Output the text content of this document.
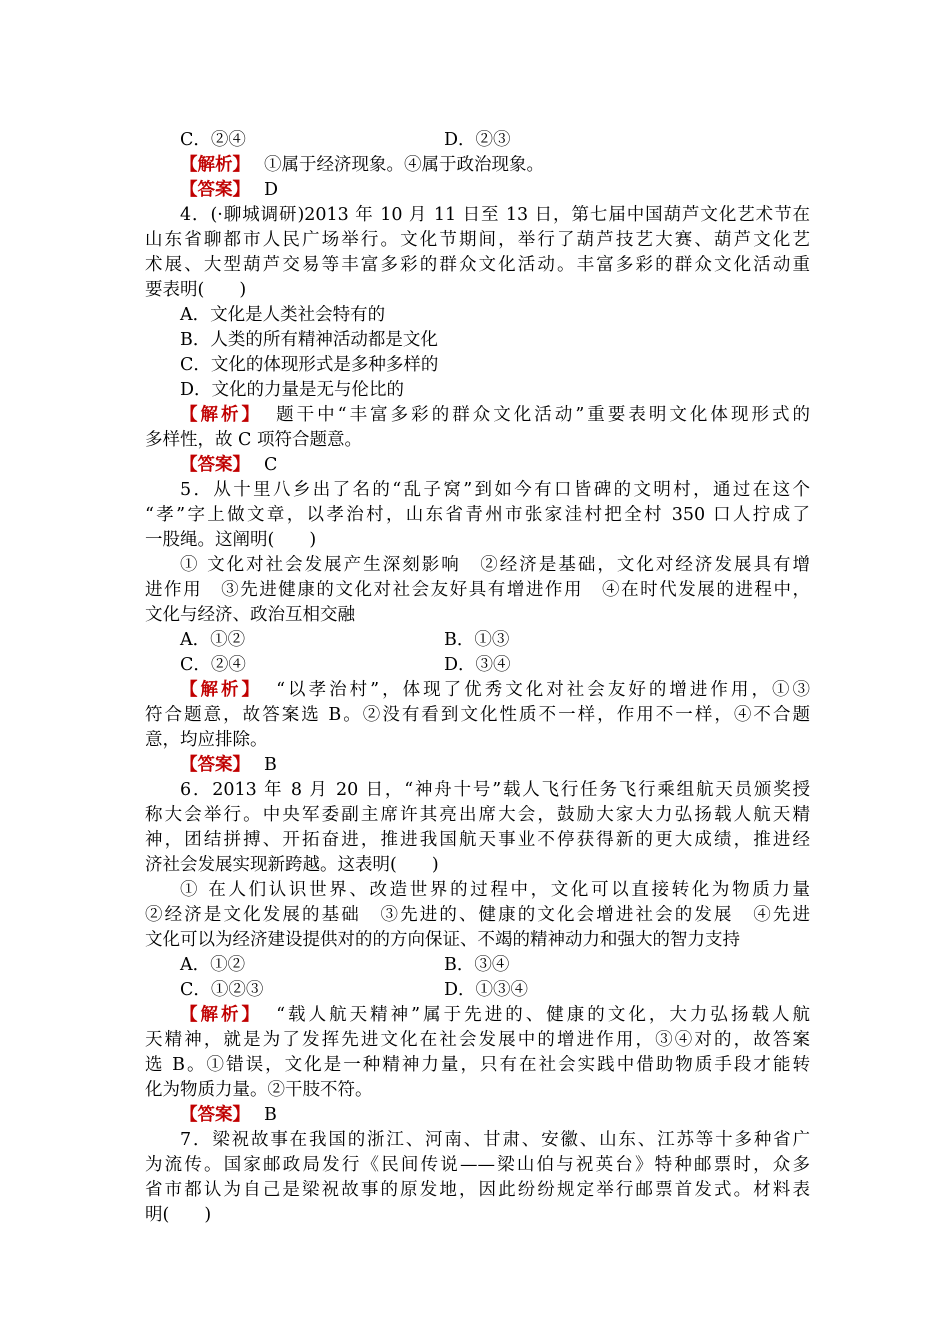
C．②④	D．②③
【解析】 ①属于经济现象。④属于政治现象。
【答案】 D
4．(·聊城调研)2013 年 10 月 11 日至 13 日，第七届中国葫芦文化艺术节在
山东省聊都市人民广场举行。文化节期间，举行了葫芦技艺大赛、葫芦文化艺
术展、大型葫芦交易等丰富多彩的群众文化活动。丰富多彩的群众文化活动重
要表明(　　)
A．文化是人类社会特有的
B．人类的所有精神活动都是文化
C．文化的体现形式是多种多样的
D．文化的力量是无与伦比的
【解析】 题干中“丰富多彩的群众文化活动”重要表明文化体现形式的
多样性，故 C 项符合题意。
【答案】 C
5．从十里八乡出了名的“乱子窝”到如今有口皆碑的文明村，通过在这个
“孝”字上做文章，以孝治村，山东省青州市张家洼村把全村 350 口人拧成了
一股绳。这阐明(　　)
① 文化对社会发展产生深刻影响　②经济是基础，文化对经济发展具有增
进作用　③先进健康的文化对社会友好具有增进作用　④在时代发展的进程中，
文化与经济、政治互相交融
A．①②	B．①③
C．②④	D．③④
【解析】 “以孝治村”，体现了优秀文化对社会友好的增进作用，①③
符合题意，故答案选 B。②没有看到文化性质不一样，作用不一样，④不合题
意，均应排除。
【答案】 B
6．2013 年 8 月 20 日，“神舟十号”载人飞行任务飞行乘组航天员颁奖授
称大会举行。中央军委副主席许其亮出席大会，鼓励大家大力弘扬载人航天精
神，团结拼搏、开拓奋进，推进我国航天事业不停获得新的更大成绩，推进经
济社会发展实现新跨越。这表明(　　)
① 在人们认识世界、改造世界的过程中，文化可以直接转化为物质力量
②经济是文化发展的基础　③先进的、健康的文化会增进社会的发展　④先进
文化可以为经济建设提供对的的方向保证、不竭的精神动力和强大的智力支持
A．①②	B．③④
C．①②③	D．①③④
【解析】 “载人航天精神”属于先进的、健康的文化，大力弘扬载人航
天精神，就是为了发挥先进文化在社会发展中的增进作用，③④对的，故答案
选 B。①错误，文化是一种精神力量，只有在社会实践中借助物质手段才能转
化为物质力量。②干肢不符。
【答案】 B
7．梁祝故事在我国的浙江、河南、甘肃、安徽、山东、江苏等十多种省广
为流传。国家邮政局发行《民间传说——梁山伯与祝英台》特种邮票时，众多
省市都认为自己是梁祝故事的原发地，因此纷纷规定举行邮票首发式。材料表
明(　　)
